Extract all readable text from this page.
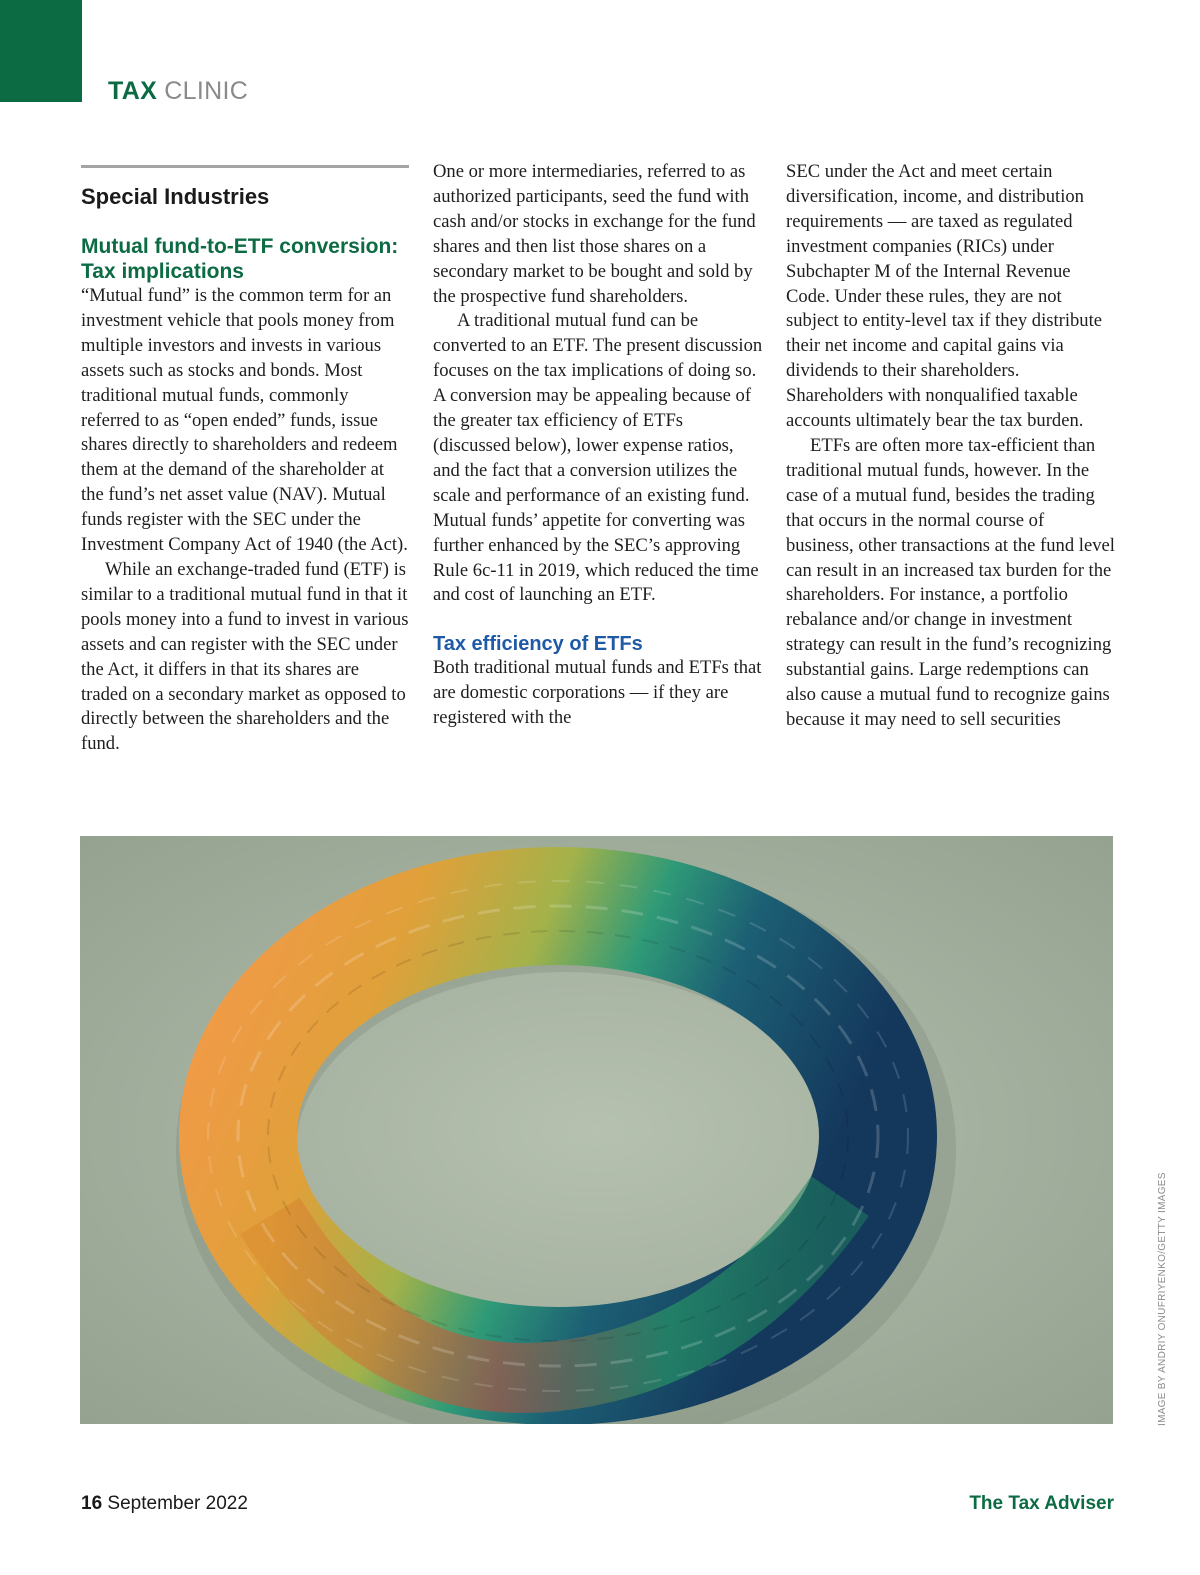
TAX CLINIC
Special Industries
Mutual fund-to-ETF conversion: Tax implications

“Mutual fund” is the common term for an investment vehicle that pools money from multiple investors and invests in various assets such as stocks and bonds. Most traditional mutual funds, commonly referred to as “open ended” funds, issue shares directly to shareholders and redeem them at the demand of the shareholder at the fund’s net asset value (NAV). Mutual funds register with the SEC under the Investment Company Act of 1940 (the Act).

While an exchange-traded fund (ETF) is similar to a traditional mutual fund in that it pools money into a fund to invest in various assets and can register with the SEC under the Act, it differs in that its shares are traded on a secondary market as opposed to directly between the shareholders and the fund.

One or more intermediaries, referred to as authorized participants, seed the fund with cash and/or stocks in exchange for the fund shares and then list those shares on a secondary market to be bought and sold by the prospective fund shareholders.

A traditional mutual fund can be converted to an ETF. The present discussion focuses on the tax implications of doing so. A conversion may be appealing because of the greater tax efficiency of ETFs (discussed below), lower expense ratios, and the fact that a conversion utilizes the scale and performance of an existing fund. Mutual funds’ appetite for converting was further enhanced by the SEC’s approving Rule 6c-11 in 2019, which reduced the time and cost of launching an ETF.

Tax efficiency of ETFs

Both traditional mutual funds and ETFs that are domestic corporations — if they are registered with the

SEC under the Act and meet certain diversification, income, and distribution requirements — are taxed as regulated investment companies (RICs) under Subchapter M of the Internal Revenue Code. Under these rules, they are not subject to entity-level tax if they distribute their net income and capital gains via dividends to their shareholders. Shareholders with nonqualified taxable accounts ultimately bear the tax burden.

ETFs are often more tax-efficient than traditional mutual funds, however. In the case of a mutual fund, besides the trading that occurs in the normal course of business, other transactions at the fund level can result in an increased tax burden for the shareholders. For instance, a portfolio rebalance and/or change in investment strategy can result in the fund’s recognizing substantial gains. Large redemptions can also cause a mutual fund to recognize gains because it may need to sell securities

IMAGE BY ANDRIY ONUFRIYENKO/GETTY IMAGES
16 September 2022	The Tax Adviser
